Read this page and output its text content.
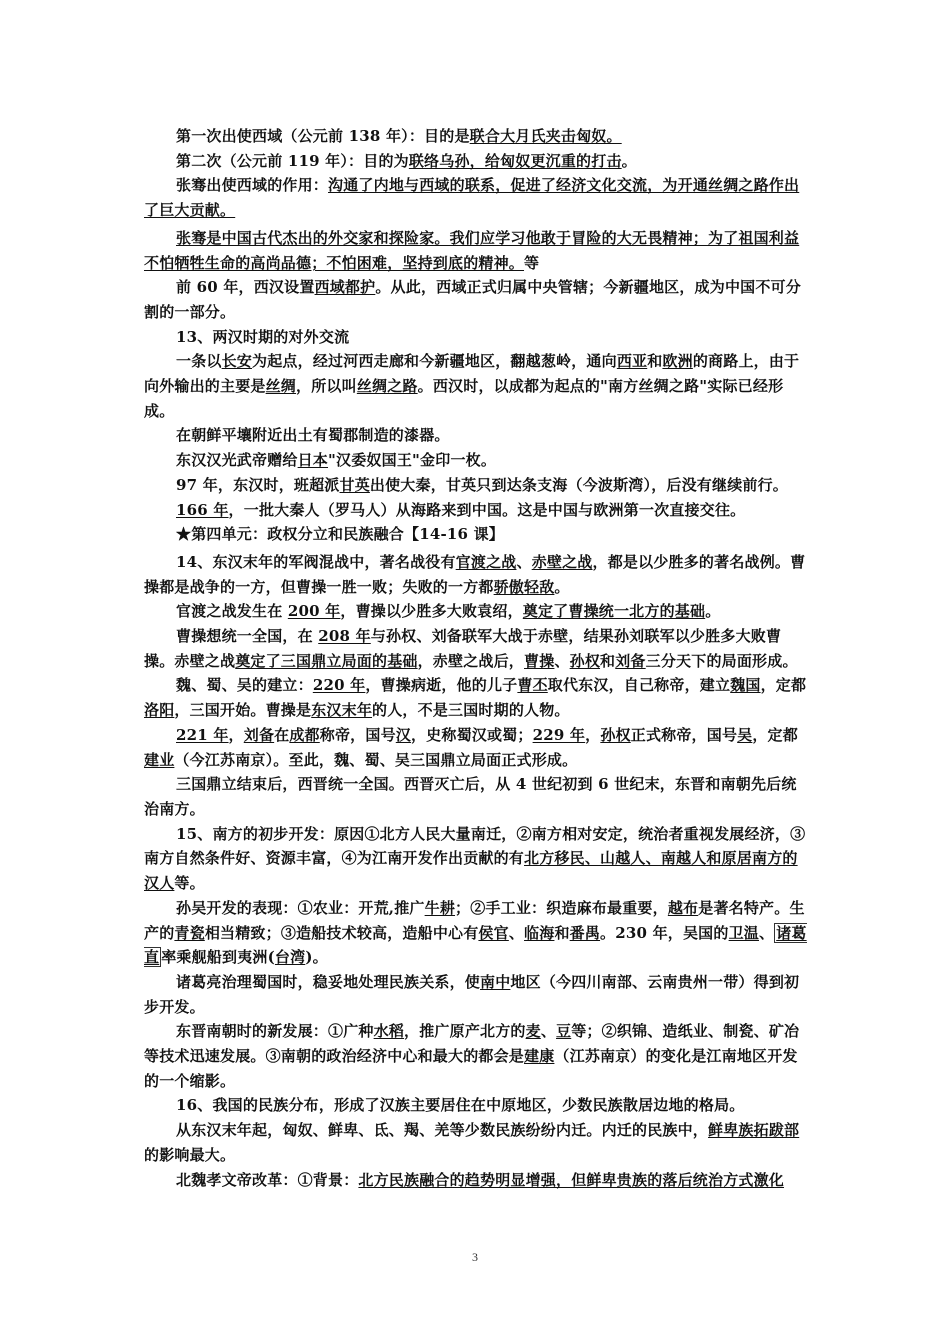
第一次出使西域（公元前 138 年）：目的是联合大月氏夹击匈奴。

第二次（公元前 119 年）：目的为联络乌孙，给匈奴更沉重的打击。

张骞出使西域的作用：沟通了内地与西域的联系，促进了经济文化交流，为开通丝绸之路作出了巨大贡献。

张骞是中国古代杰出的外交家和探险家。我们应学习他敢于冒险的大无畏精神；为了祖国利益不怕牺牲生命的高尚品德；不怕困难，坚持到底的精神。等

前 60 年，西汉设置西域都护。从此，西域正式归属中央管辖；今新疆地区，成为中国不可分割的一部分。

13、两汉时期的对外交流

一条以长安为起点，经过河西走廊和今新疆地区，翻越葱岭，通向西亚和欧洲的商路上，由于向外输出的主要是丝绸，所以叫丝绸之路。西汉时，以成都为起点的"南方丝绸之路"实际已经形成。

在朝鲜平壤附近出土有蜀郡制造的漆器。

东汉汉光武帝赠给日本"汉委奴国王"金印一枚。

97 年，东汉时，班超派甘英出使大秦，甘英只到达条支海（今波斯湾），后没有继续前行。

166 年，一批大秦人（罗马人）从海路来到中国。这是中国与欧洲第一次直接交往。

★第四单元：政权分立和民族融合【14-16 课】

14、东汉末年的军阀混战中，著名战役有官渡之战、赤壁之战，都是以少胜多的著名战例。曹操都是战争的一方，但曹操一胜一败；失败的一方都骄傲轻敌。

官渡之战发生在 200 年，曹操以少胜多大败袁绍，奠定了曹操统一北方的基础。

曹操想统一全国，在 208 年与孙权、刘备联军大战于赤壁，结果孙刘联军以少胜多大败曹操。赤壁之战奠定了三国鼎立局面的基础，赤壁之战后，曹操、孙权和刘备三分天下的局面形成。

魏、蜀、吴的建立：220 年，曹操病逝，他的儿子曹丕取代东汉，自己称帝，建立魏国，定都洛阳，三国开始。曹操是东汉末年的人，不是三国时期的人物。

221 年，刘备在成都称帝，国号汉，史称蜀汉或蜀；229 年，孙权正式称帝，国号吴，定都建业（今江苏南京）。至此，魏、蜀、吴三国鼎立局面正式形成。

三国鼎立结束后，西晋统一全国。西晋灭亡后，从 4 世纪初到 6 世纪末，东晋和南朝先后统治南方。

15、南方的初步开发：原因①北方人民大量南迁，②南方相对安定，统治者重视发展经济，③南方自然条件好、资源丰富，④为江南开发作出贡献的有北方移民、山越人、南越人和原居南方的汉人等。

孙吴开发的表现：①农业：开荒,推广牛耕；②手工业：织造麻布最重要，越布是著名特产。生产的青瓷相当精致；③造船技术较高，造船中心有侯官、临海和番禺。230 年，吴国的卫温、 诸葛直 率乘舰船到夷洲(台湾)。

诸葛亮治理蜀国时，稳妥地处理民族关系，使南中地区（今四川南部、云南贵州一带）得到初步开发。

东晋南朝时的新发展：①广种水稻，推广原产北方的麦、豆等；②织锦、造纸业、制瓷、矿冶等技术迅速发展。③南朝的政治经济中心和最大的都会是建康（江苏南京）的变化是江南地区开发的一个缩影。

16、我国的民族分布，形成了汉族主要居住在中原地区，少数民族散居边地的格局。

从东汉末年起，匈奴、鲜卑、氐、羯、羌等少数民族纷纷内迁。内迁的民族中，鲜卑族拓跋部的影响最大。

北魏孝文帝改革：①背景：北方民族融合的趋势明显增强，但鲜卑贵族的落后统治方式激化

3
